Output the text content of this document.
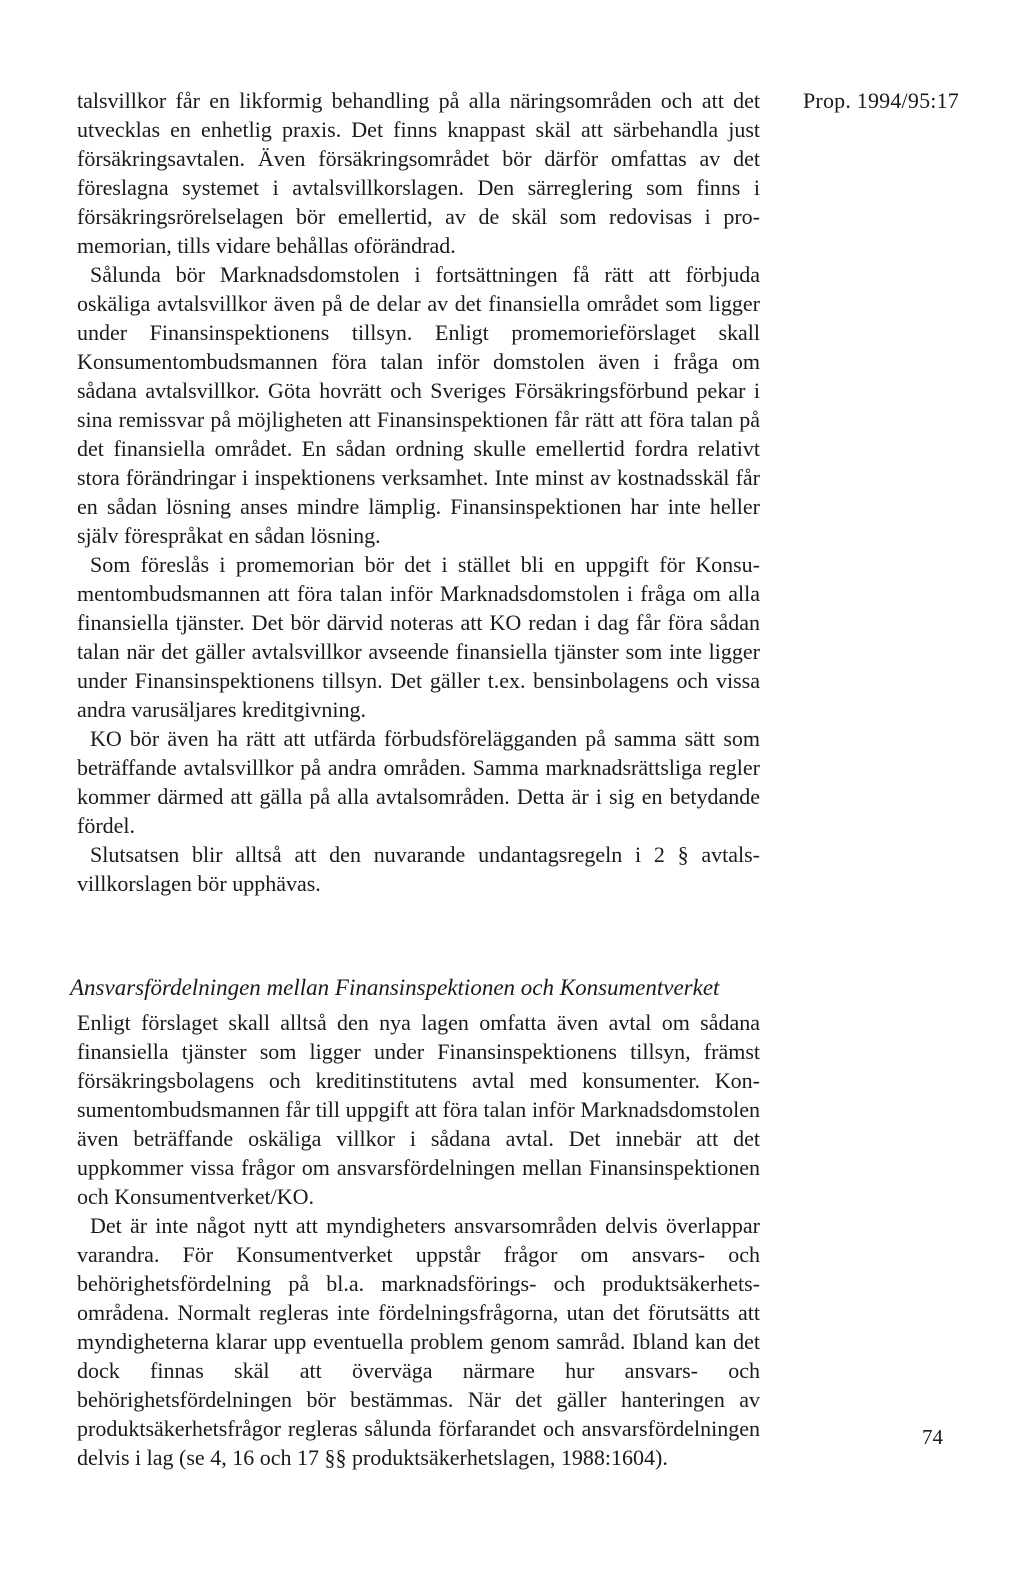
Prop. 1994/95:17

talsvillkor får en likformig behandling på alla näringsområden och att det utvecklas en enhetlig praxis. Det finns knappast skäl att särbehandla just försäkringsavtalen. Även försäkringsområdet bör därför omfattas av det föreslagna systemet i avtalsvillkorslagen. Den särreglering som finns i försäkringsrörelselagen bör emellertid, av de skäl som redovisas i promemorian, tills vidare behållas oförändrad.

Sålunda bör Marknadsdomstolen i fortsättningen få rätt att förbjuda oskäliga avtalsvillkor även på de delar av det finansiella området som ligger under Finansinspektionens tillsyn. Enligt promemorieförslaget skall Konsumentombudsmannen föra talan inför domstolen även i fråga om sådana avtalsvillkor. Göta hovrätt och Sveriges Försäkringsförbund pekar i sina remissvar på möjligheten att Finansinspektionen får rätt att föra talan på det finansiella området. En sådan ordning skulle emellertid fordra relativt stora förändringar i inspektionens verksamhet. Inte minst av kostnadsskäl får en sådan lösning anses mindre lämplig. Finansinspektionen har inte heller själv förespråkat en sådan lösning.

Som föreslås i promemorian bör det i stället bli en uppgift för Konsumentombudsmannen att föra talan inför Marknadsdomstolen i fråga om alla finansiella tjänster. Det bör därvid noteras att KO redan i dag får föra sådan talan när det gäller avtalsvillkor avseende finansiella tjänster som inte ligger under Finansinspektionens tillsyn. Det gäller t.ex. bensinbolagens och vissa andra varusäljares kreditgivning.

KO bör även ha rätt att utfärda förbudsförelägganden på samma sätt som beträffande avtalsvillkor på andra områden. Samma marknadsrättsliga regler kommer därmed att gälla på alla avtalsområden. Detta är i sig en betydande fördel.

Slutsatsen blir alltså att den nuvarande undantagsregeln i 2 § avtalsvillkorslagen bör upphävas.

Ansvarsfördelningen mellan Finansinspektionen och Konsumentverket

Enligt förslaget skall alltså den nya lagen omfatta även avtal om sådana finansiella tjänster som ligger under Finansinspektionens tillsyn, främst försäkringsbolagens och kreditinstitutens avtal med konsumenter. Konsumentombudsmannen får till uppgift att föra talan inför Marknadsdomstolen även beträffande oskäliga villkor i sådana avtal. Det innebär att det uppkommer vissa frågor om ansvarsfördelningen mellan Finansinspektionen och Konsumentverket/KO.

Det är inte något nytt att myndigheters ansvarsområden delvis överlappar varandra. För Konsumentverket uppstår frågor om ansvars- och behörighetsfördelning på bl.a. marknadsförings- och produktsäkerhetsområdena. Normalt regleras inte fördelningsfrågorna, utan det förutsätts att myndigheterna klarar upp eventuella problem genom samråd. Ibland kan det dock finnas skäl att överväga närmare hur ansvars- och behörighetsfördelningen bör bestämmas. När det gäller hanteringen av produktsäkerhetsfrågor regleras sålunda förfarandet och ansvarsfördelningen delvis i lag (se 4, 16 och 17 §§ produktsäkerhetslagen, 1988:1604).

74
